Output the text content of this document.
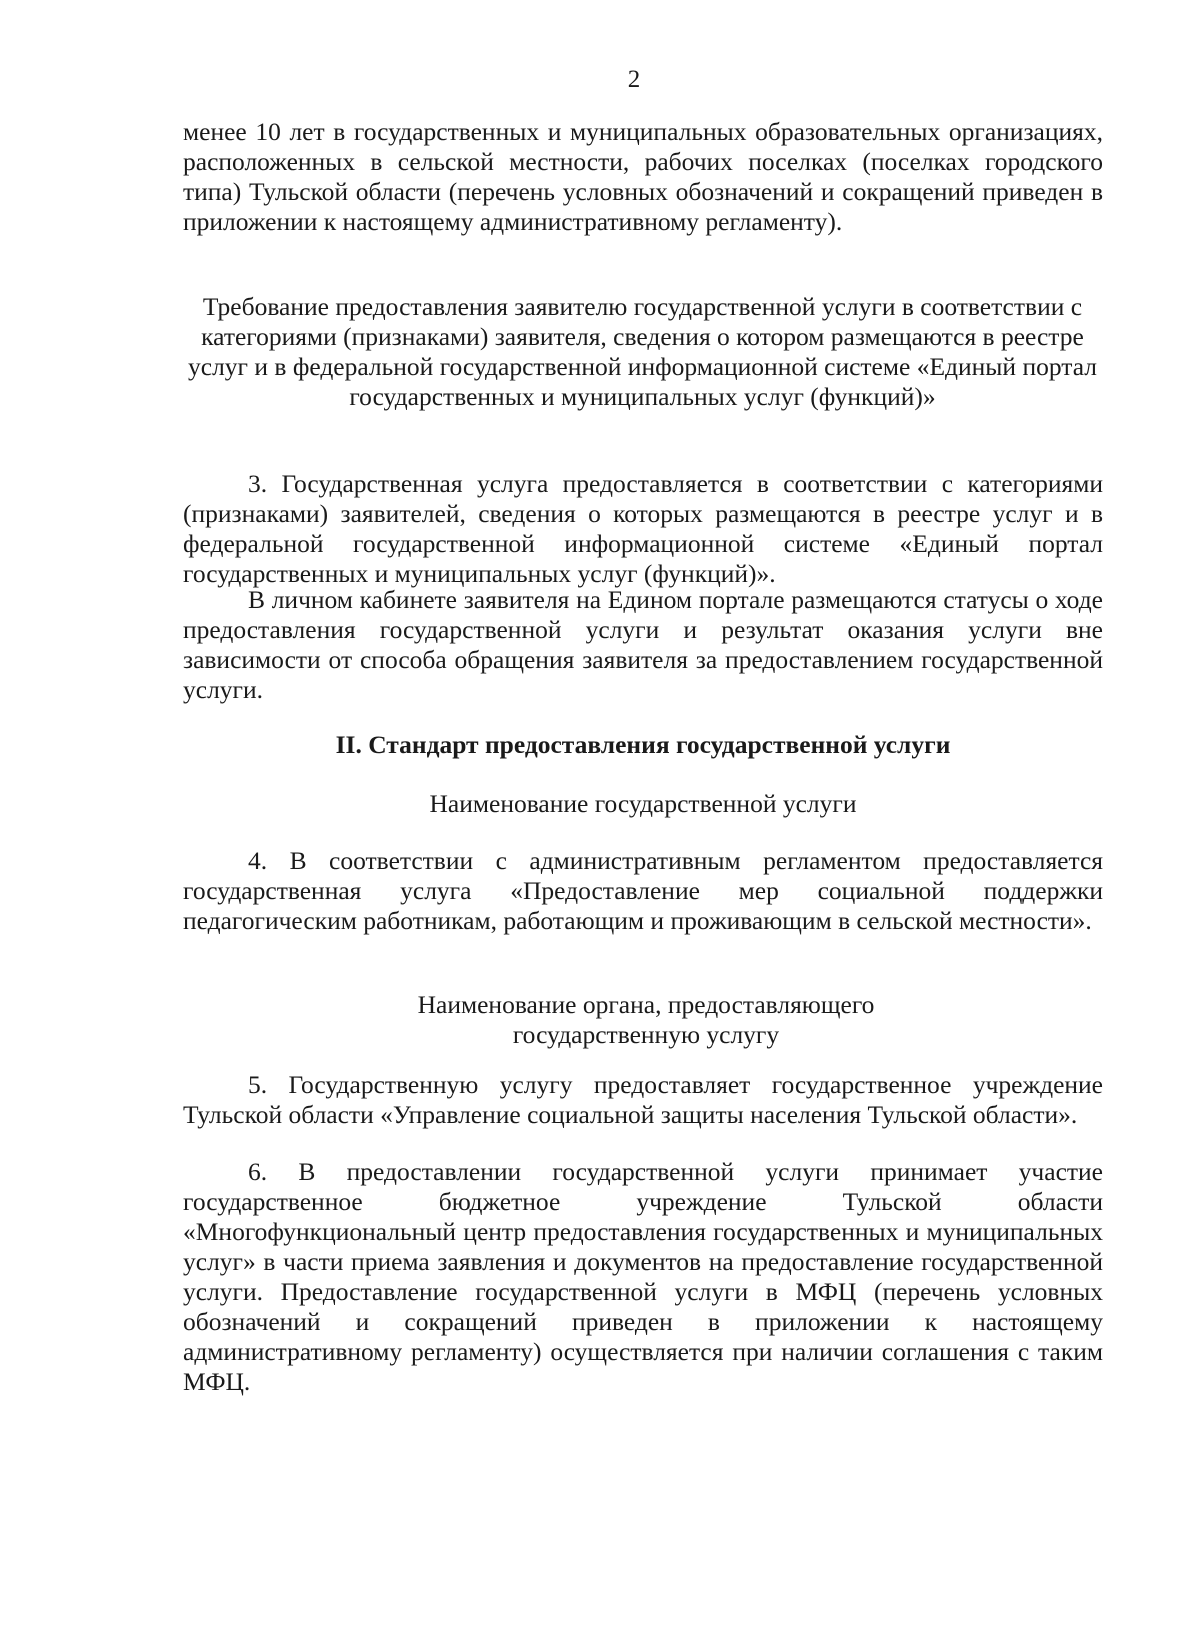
2

менее 10 лет в государственных и муниципальных образовательных организациях, расположенных в сельской местности, рабочих поселках (поселках городского типа) Тульской области (перечень условных обозначений и сокращений приведен в приложении к настоящему административному регламенту).

Требование предоставления заявителю государственной услуги в соответствии с категориями (признаками) заявителя, сведения о котором размещаются в реестре услуг и в федеральной государственной информационной системе «Единый портал государственных и муниципальных услуг (функций)»

3. Государственная услуга предоставляется в соответствии с категориями (признаками) заявителей, сведения о которых размещаются в реестре услуг и в федеральной государственной информационной системе «Единый портал государственных и муниципальных услуг (функций)».

В личном кабинете заявителя на Едином портале размещаются статусы о ходе предоставления государственной услуги и результат оказания услуги вне зависимости от способа обращения заявителя за предоставлением государственной услуги.

II. Стандарт предоставления государственной услуги

Наименование государственной услуги

4. В соответствии с административным регламентом предоставляется государственная услуга «Предоставление мер социальной поддержки педагогическим работникам, работающим и проживающим в сельской местности».

Наименование органа, предоставляющего государственную услугу

5. Государственную услугу предоставляет государственное учреждение Тульской области «Управление социальной защиты населения Тульской области».

6. В предоставлении государственной услуги принимает участие государственное бюджетное учреждение Тульской области «Многофункциональный центр предоставления государственных и муниципальных услуг» в части приема заявления и документов на предоставление государственной услуги. Предоставление государственной услуги в МФЦ (перечень условных обозначений и сокращений приведен в приложении к настоящему административному регламенту) осуществляется при наличии соглашения с таким МФЦ.
